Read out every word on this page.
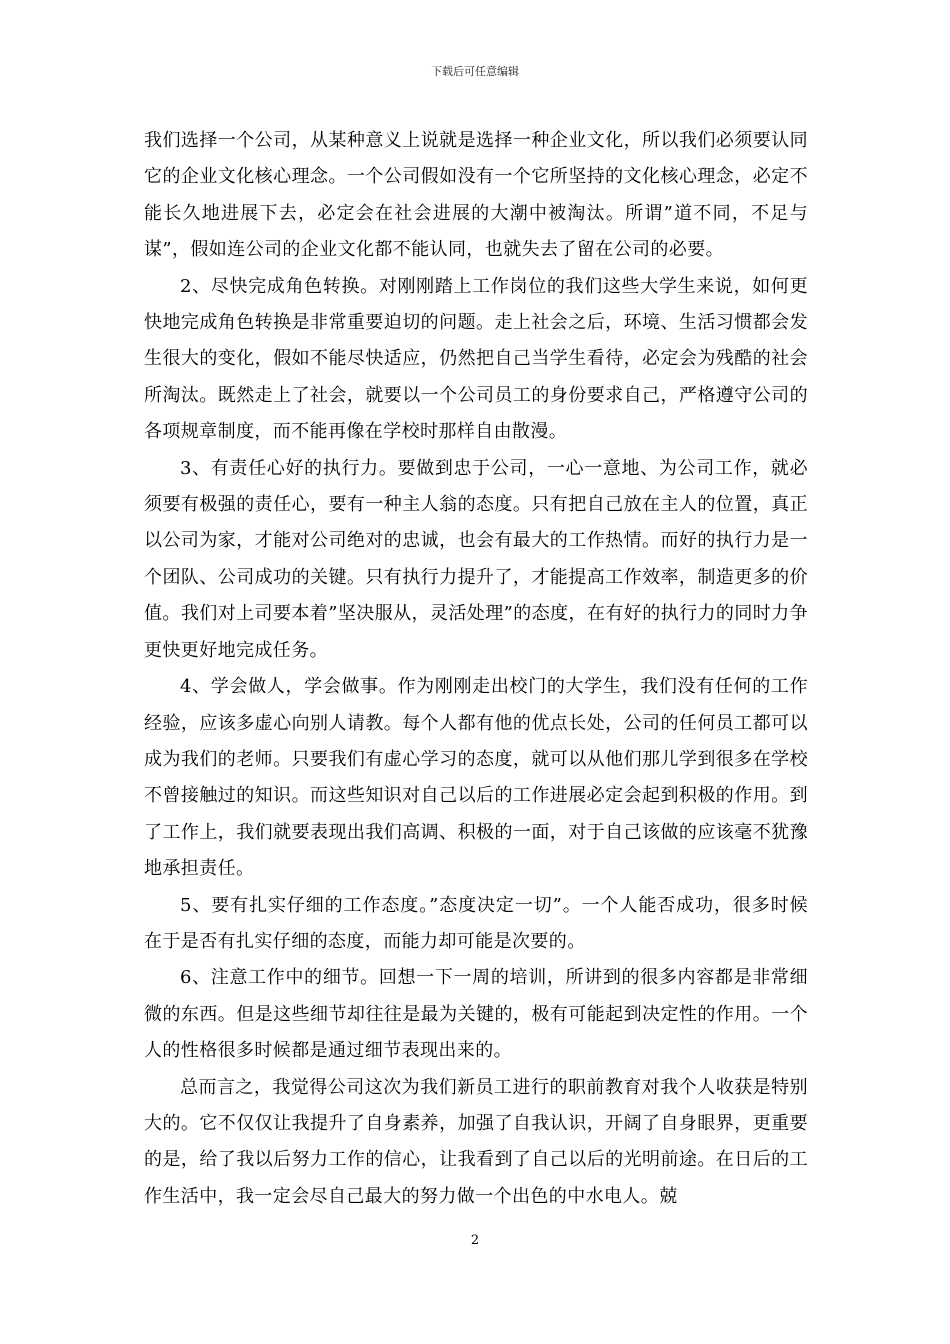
下载后可任意编辑

我们选择一个公司，从某种意义上说就是选择一种企业文化，所以我们必须要认同它的企业文化核心理念。一个公司假如没有一个它所坚持的文化核心理念，必定不能长久地进展下去，必定会在社会进展的大潮中被淘汰。所谓”道不同，不足与谋”，假如连公司的企业文化都不能认同，也就失去了留在公司的必要。

2、尽快完成角色转换。对刚刚踏上工作岗位的我们这些大学生来说，如何更快地完成角色转换是非常重要迫切的问题。走上社会之后，环境、生活习惯都会发生很大的变化，假如不能尽快适应，仍然把自己当学生看待，必定会为残酷的社会所淘汰。既然走上了社会，就要以一个公司员工的身份要求自己，严格遵守公司的各项规章制度，而不能再像在学校时那样自由散漫。

3、有责任心好的执行力。要做到忠于公司，一心一意地、为公司工作，就必须要有极强的责任心，要有一种主人翁的态度。只有把自己放在主人的位置，真正以公司为家，才能对公司绝对的忠诚，也会有最大的工作热情。而好的执行力是一个团队、公司成功的关键。只有执行力提升了，才能提高工作效率，制造更多的价值。我们对上司要本着”坚决服从，灵活处理”的态度，在有好的执行力的同时力争更快更好地完成任务。

4、学会做人，学会做事。作为刚刚走出校门的大学生，我们没有任何的工作经验，应该多虚心向别人请教。每个人都有他的优点长处，公司的任何员工都可以成为我们的老师。只要我们有虚心学习的态度，就可以从他们那儿学到很多在学校不曾接触过的知识。而这些知识对自己以后的工作进展必定会起到积极的作用。到了工作上，我们就要表现出我们高调、积极的一面，对于自己该做的应该毫不犹豫地承担责任。

5、要有扎实仔细的工作态度。”态度决定一切”。一个人能否成功，很多时候在于是否有扎实仔细的态度，而能力却可能是次要的。

6、注意工作中的细节。回想一下一周的培训，所讲到的很多内容都是非常细微的东西。但是这些细节却往往是最为关键的，极有可能起到决定性的作用。一个人的性格很多时候都是通过细节表现出来的。

总而言之，我觉得公司这次为我们新员工进行的职前教育对我个人收获是特别大的。它不仅仅让我提升了自身素养，加强了自我认识，开阔了自身眼界，更重要的是，给了我以后努力工作的信心，让我看到了自己以后的光明前途。在日后的工作生活中，我一定会尽自己最大的努力做一个出色的中水电人。兢

2
